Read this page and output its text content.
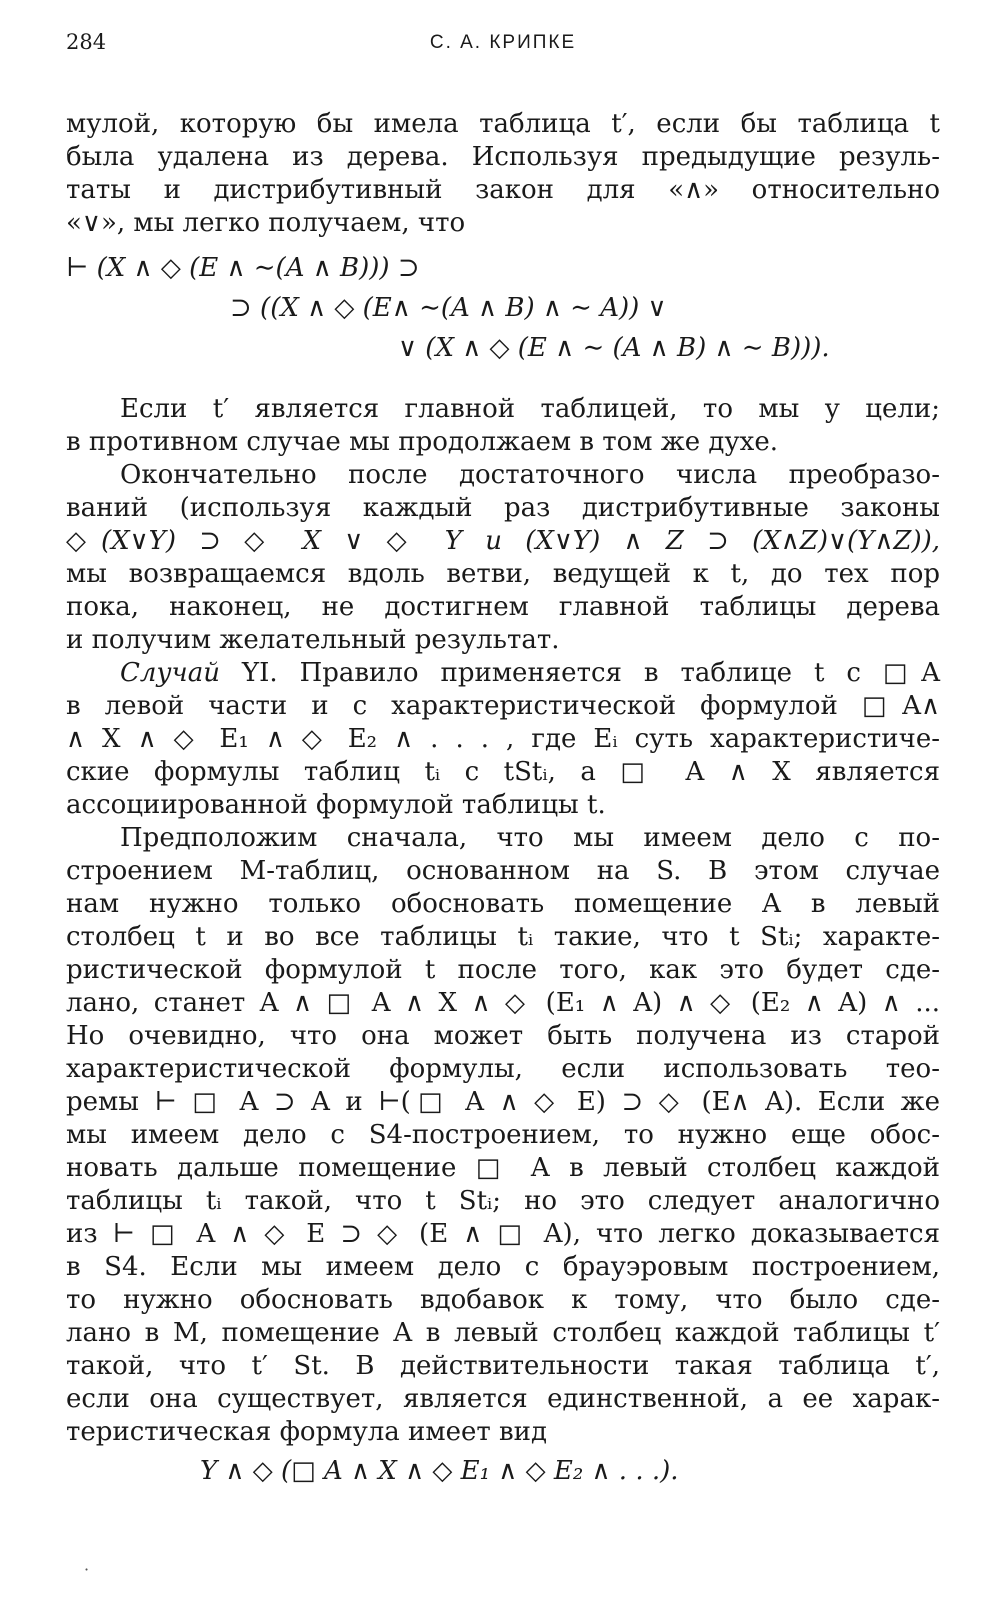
284	С. А. КРИПКЕ

мулой, которую бы имела таблица t′, если бы таблица t
была удалена из дерева. Используя предыдущие резуль-
таты и дистрибутивный закон для «∧» относительно
«∨», мы легко получаем, что

⊢ (X ∧ ◇ (E ∧ ∼(A ∧ B))) ⊃
⊃ ((X ∧ ◇ (E∧ ∼(A ∧ B) ∧ ∼ A)) ∨
∨ (X ∧ ◇ (E ∧ ∼ (A ∧ B) ∧ ∼ B))).

Если t′ является главной таблицей, то мы у цели;
в противном случае мы продолжаем в том же духе.

Окончательно после достаточного числа преобразо-
ваний (используя каждый раз дистрибутивные законы
◇(X∨Y) ⊃ ◇ X ∨ ◇ Y и (X∨Y) ∧ Z ⊃ (X∧Z)∨(Y∧Z)),
мы возвращаемся вдоль ветви, ведущей к t, до тех пор
пока, наконец, не достигнем главной таблицы дерева
и получим желательный результат.

Случай YI. Правило применяется в таблице t с □A
в левой части и с характеристической формулой □A∧
∧ X ∧ ◇ E₁ ∧ ◇ E₂ ∧ . . . , где Eᵢ суть характеристиче-
ские формулы таблиц tᵢ с tStᵢ, а □ A ∧ X является
ассоциированной формулой таблицы t.

Предположим сначала, что мы имеем дело с по-
строением M-таблиц, основанном на S. В этом случае
нам нужно только обосновать помещение A в левый
столбец t и во все таблицы tᵢ такие, что t Stᵢ; характе-
ристической формулой t после того, как это будет сде-
лано, станет A ∧ □ A ∧ X ∧ ◇ (E₁ ∧ A) ∧ ◇ (E₂ ∧ A) ∧ ...
Но очевидно, что она может быть получена из старой
характеристической формулы, если использовать тео-
ремы ⊢ □ A ⊃ A и ⊢(□ A ∧ ◇ E) ⊃ ◇ (E∧ A). Если же
мы имеем дело с S4-построением, то нужно еще обос-
новать дальше помещение □ A в левый столбец каждой
таблицы tᵢ такой, что t Stᵢ; но это следует аналогично
из ⊢ □ A ∧ ◇ E ⊃ ◇ (E ∧ □ A), что легко доказывается
в S4. Если мы имеем дело с брауэровым построением,
то нужно обосновать вдобавок к тому, что было сде-
лано в M, помещение A в левый столбец каждой таблицы t′
такой, что t′ St. В действительности такая таблица t′,
если она существует, является единственной, а ее харак-
теристическая формула имеет вид

Y ∧ ◇ (□ A ∧ X ∧ ◇ E₁ ∧ ◇ E₂ ∧ . . .).
·
